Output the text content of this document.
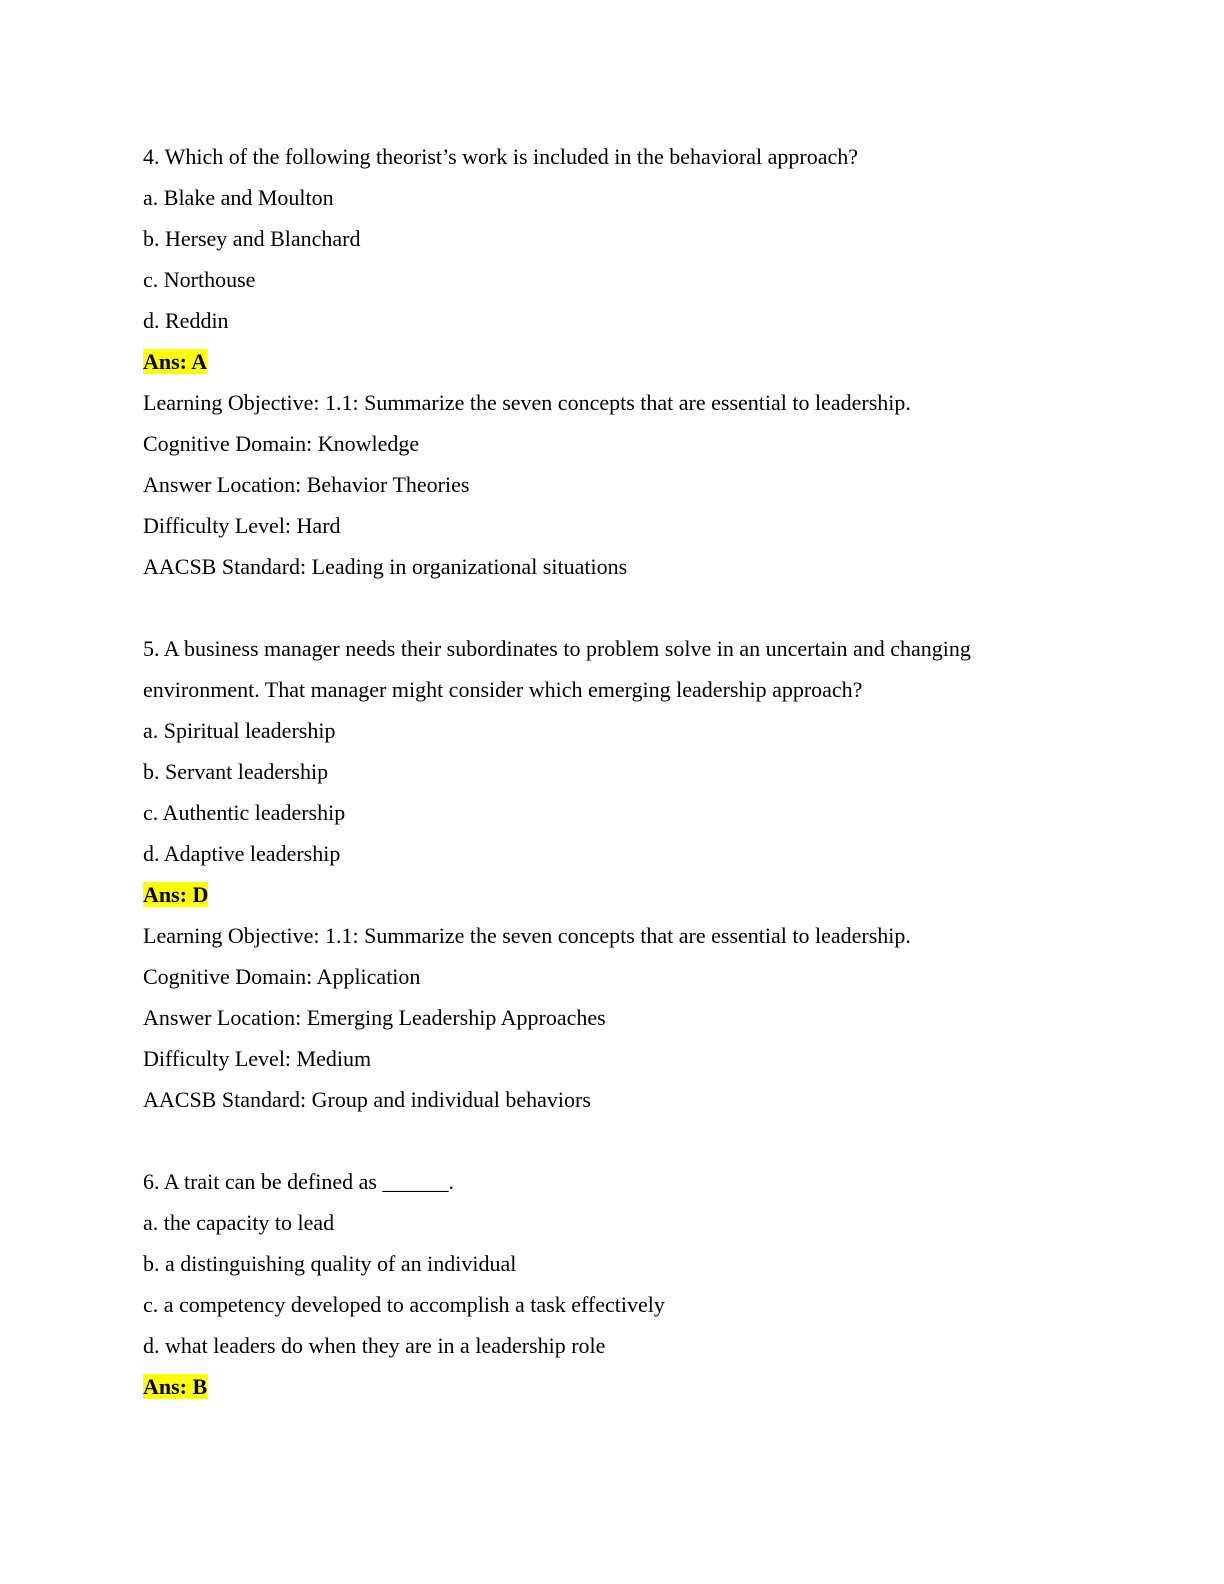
4. Which of the following theorist’s work is included in the behavioral approach?
a. Blake and Moulton
b. Hersey and Blanchard
c. Northouse
d. Reddin
Ans: A
Learning Objective: 1.1: Summarize the seven concepts that are essential to leadership.
Cognitive Domain: Knowledge
Answer Location: Behavior Theories
Difficulty Level: Hard
AACSB Standard: Leading in organizational situations
5. A business manager needs their subordinates to problem solve in an uncertain and changing environment. That manager might consider which emerging leadership approach?
a. Spiritual leadership
b. Servant leadership
c. Authentic leadership
d. Adaptive leadership
Ans: D
Learning Objective: 1.1: Summarize the seven concepts that are essential to leadership.
Cognitive Domain: Application
Answer Location: Emerging Leadership Approaches
Difficulty Level: Medium
AACSB Standard: Group and individual behaviors
6. A trait can be defined as ______.
a. the capacity to lead
b. a distinguishing quality of an individual
c. a competency developed to accomplish a task effectively
d. what leaders do when they are in a leadership role
Ans: B
